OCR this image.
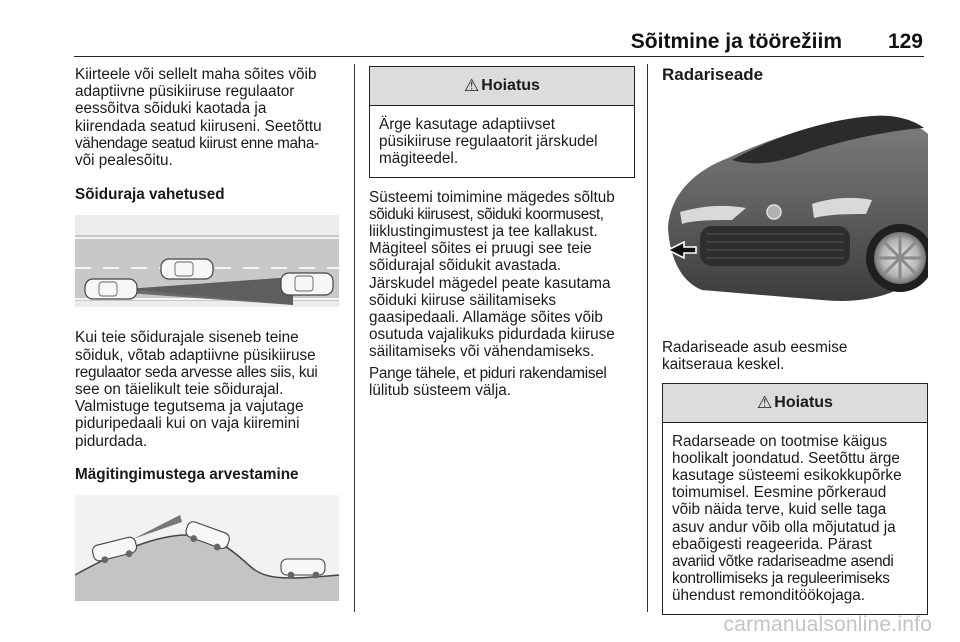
Sõitmine ja töörežiim 129

Kiirteele või sellelt maha sõites võib
adaptiivne püsikiiruse regulaator
eessõitva sõiduki kaotada ja
kiirendada seatud kiiruseni. Seetõttu
vähendage seatud kiirust enne maha-
või pealesõitu.

Sõiduraja vahetused

Kui teie sõidurajale siseneb teine
sõiduk, võtab adaptiivne püsikiiruse
regulaator seda arvesse alles siis, kui
see on täielikult teie sõidurajal.
Valmistuge tegutsema ja vajutage
piduripedaali kui on vaja kiiremini
pidurdada.

Mägitingimustega arvestamine

⚠ Hoiatus
Ärge kasutage adaptiivset
püsikiiruse regulaatorit järskudel
mägiteedel.

Süsteemi toimimine mägedes sõltub
sõiduki kiirusest, sõiduki koormusest,
liiklustingimustest ja tee kallakust.
Mägiteel sõites ei pruugi see teie
sõidurajal sõidukit avastada.
Järskudel mägedel peate kasutama
sõiduki kiiruse säilitamiseks
gaasipedaali. Allamäge sõites võib
osutuda vajalikuks pidurdada kiiruse
säilitamiseks või vähendamiseks.

Pange tähele, et piduri rakendamisel
lülitub süsteem välja.

Radariseade

Radariseade asub eesmise
kaitseraua keskel.

⚠ Hoiatus
Radarseade on tootmise käigus
hoolikalt joondatud. Seetõttu ärge
kasutage süsteemi esikokkupõrke
toimumisel. Eesmine põrkeraud
võib näida terve, kuid selle taga
asuv andur võib olla mõjutatud ja
ebaõigesti reageerida. Pärast
avariid võtke radariseadme asendi
kontrollimiseks ja reguleerimiseks
ühendust remonditöökojaga.
carmanualsonline.info
